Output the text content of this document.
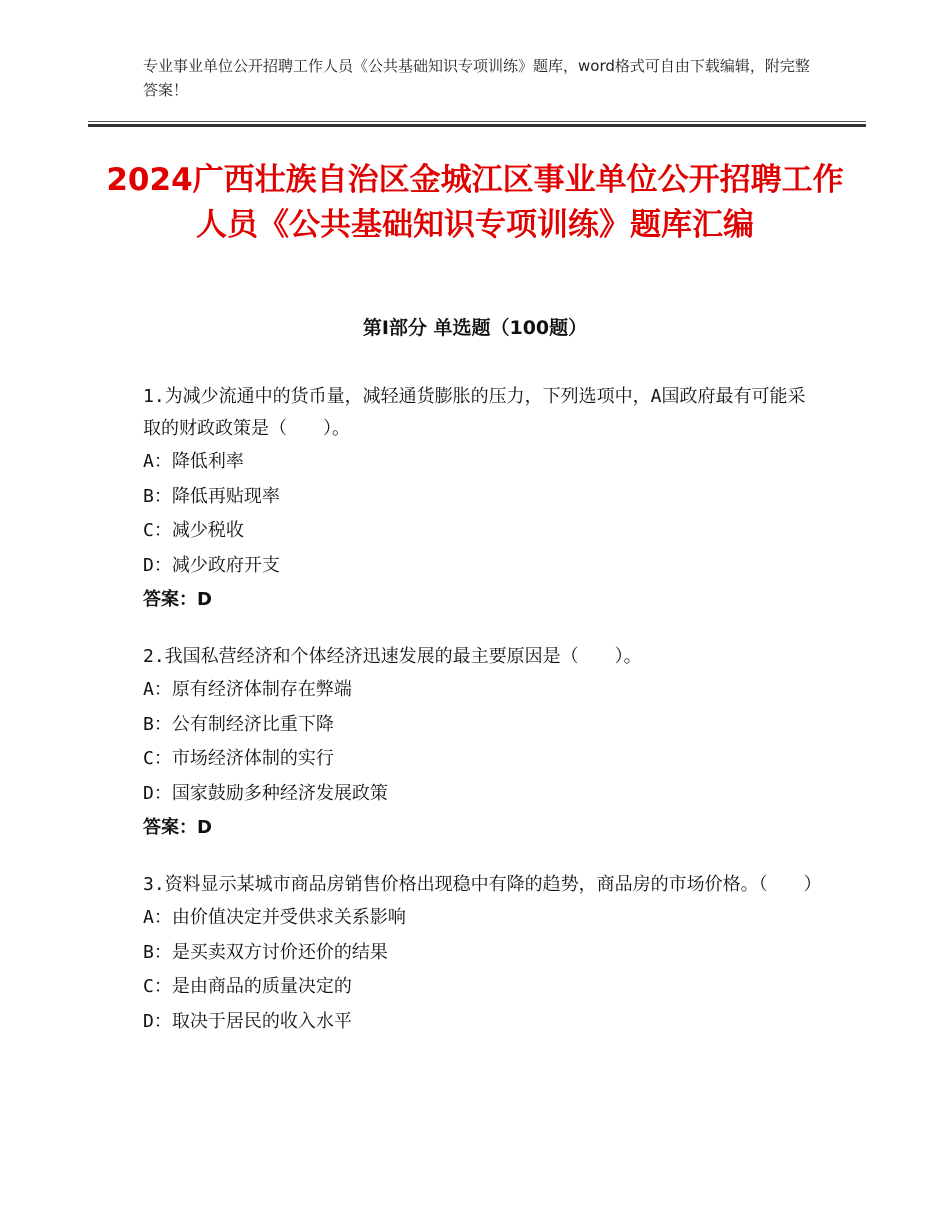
专业事业单位公开招聘工作人员《公共基础知识专项训练》题库，word格式可自由下载编辑，附完整答案！
2024广西壮族自治区金城江区事业单位公开招聘工作人员《公共基础知识专项训练》题库汇编
第Ⅰ部分 单选题（100题）
1.为减少流通中的货币量，减轻通货膨胀的压力，下列选项中，A国政府最有可能采取的财政政策是（　　）。
A：降低利率
B：降低再贴现率
C：减少税收
D：减少政府开支
答案：D
2.我国私营经济和个体经济迅速发展的最主要原因是（　　）。
A：原有经济体制存在弊端
B：公有制经济比重下降
C：市场经济体制的实行
D：国家鼓励多种经济发展政策
答案：D
3.资料显示某城市商品房销售价格出现稳中有降的趋势，商品房的市场价格。（　　）
A：由价值决定并受供求关系影响
B：是买卖双方讨价还价的结果
C：是由商品的质量决定的
D：取决于居民的收入水平
